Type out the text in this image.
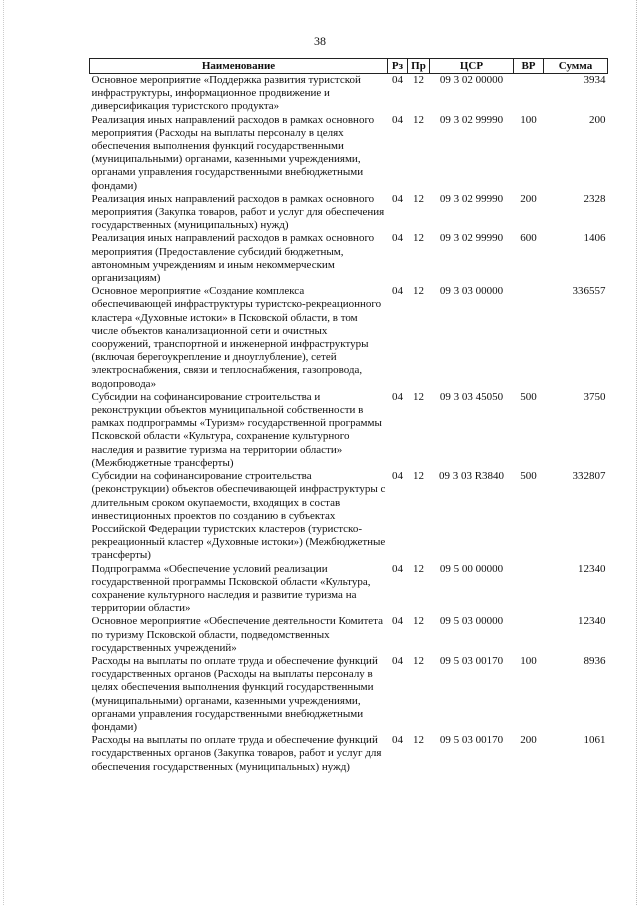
38
Наименование	Рз	Пр	ЦСР	ВР	Сумма
Основное мероприятие «Поддержка развития туристской инфраструктуры, информационное продвижение и диверсификация туристского продукта»	04	12	09 3 02 00000		3934
Реализация иных направлений расходов в рамках основного мероприятия (Расходы на выплаты персоналу в целях обеспечения выполнения функций государственными (муниципальными) органами, казенными учреждениями, органами управления государственными внебюджетными фондами)	04	12	09 3 02 99990	100	200
Реализация иных направлений расходов в рамках основного мероприятия (Закупка товаров, работ и услуг для обеспечения государственных (муниципальных) нужд)	04	12	09 3 02 99990	200	2328
Реализация иных направлений расходов в рамках основного мероприятия (Предоставление субсидий бюджетным, автономным учреждениям и иным некоммерческим организациям)	04	12	09 3 02 99990	600	1406
Основное мероприятие «Создание комплекса обеспечивающей инфраструктуры туристско-рекреационного кластера «Духовные истоки» в Псковской области, в том числе объектов канализационной сети и очистных сооружений, транспортной и инженерной инфраструктуры (включая берегоукрепление и дноуглубление), сетей электроснабжения, связи и теплоснабжения, газопровода, водопровода»	04	12	09 3 03 00000		336557
Субсидии на софинансирование строительства и реконструкции объектов муниципальной собственности в рамках подпрограммы «Туризм» государственной программы Псковской области «Культура, сохранение культурного наследия и развитие туризма на территории области» (Межбюджетные трансферты)	04	12	09 3 03 45050	500	3750
Субсидии на софинансирование строительства (реконструкции) объектов обеспечивающей инфраструктуры с длительным сроком окупаемости, входящих в состав инвестиционных проектов по созданию в субъектах Российской Федерации туристских кластеров (туристско-рекреационный кластер «Духовные истоки») (Межбюджетные трансферты)	04	12	09 3 03 R3840	500	332807
Подпрограмма «Обеспечение условий реализации государственной программы Псковской области «Культура, сохранение культурного наследия и развитие туризма на территории области»	04	12	09 5 00 00000		12340
Основное мероприятие «Обеспечение деятельности Комитета по туризму Псковской области, подведомственных государственных учреждений»	04	12	09 5 03 00000		12340
Расходы на выплаты по оплате труда и обеспечение функций государственных органов (Расходы на выплаты персоналу в целях обеспечения выполнения функций государственными (муниципальными) органами, казенными учреждениями, органами управления государственными внебюджетными фондами)	04	12	09 5 03 00170	100	8936
Расходы на выплаты по оплате труда и обеспечение функций государственных органов (Закупка товаров, работ и услуг для обеспечения государственных (муниципальных) нужд)	04	12	09 5 03 00170	200	1061
